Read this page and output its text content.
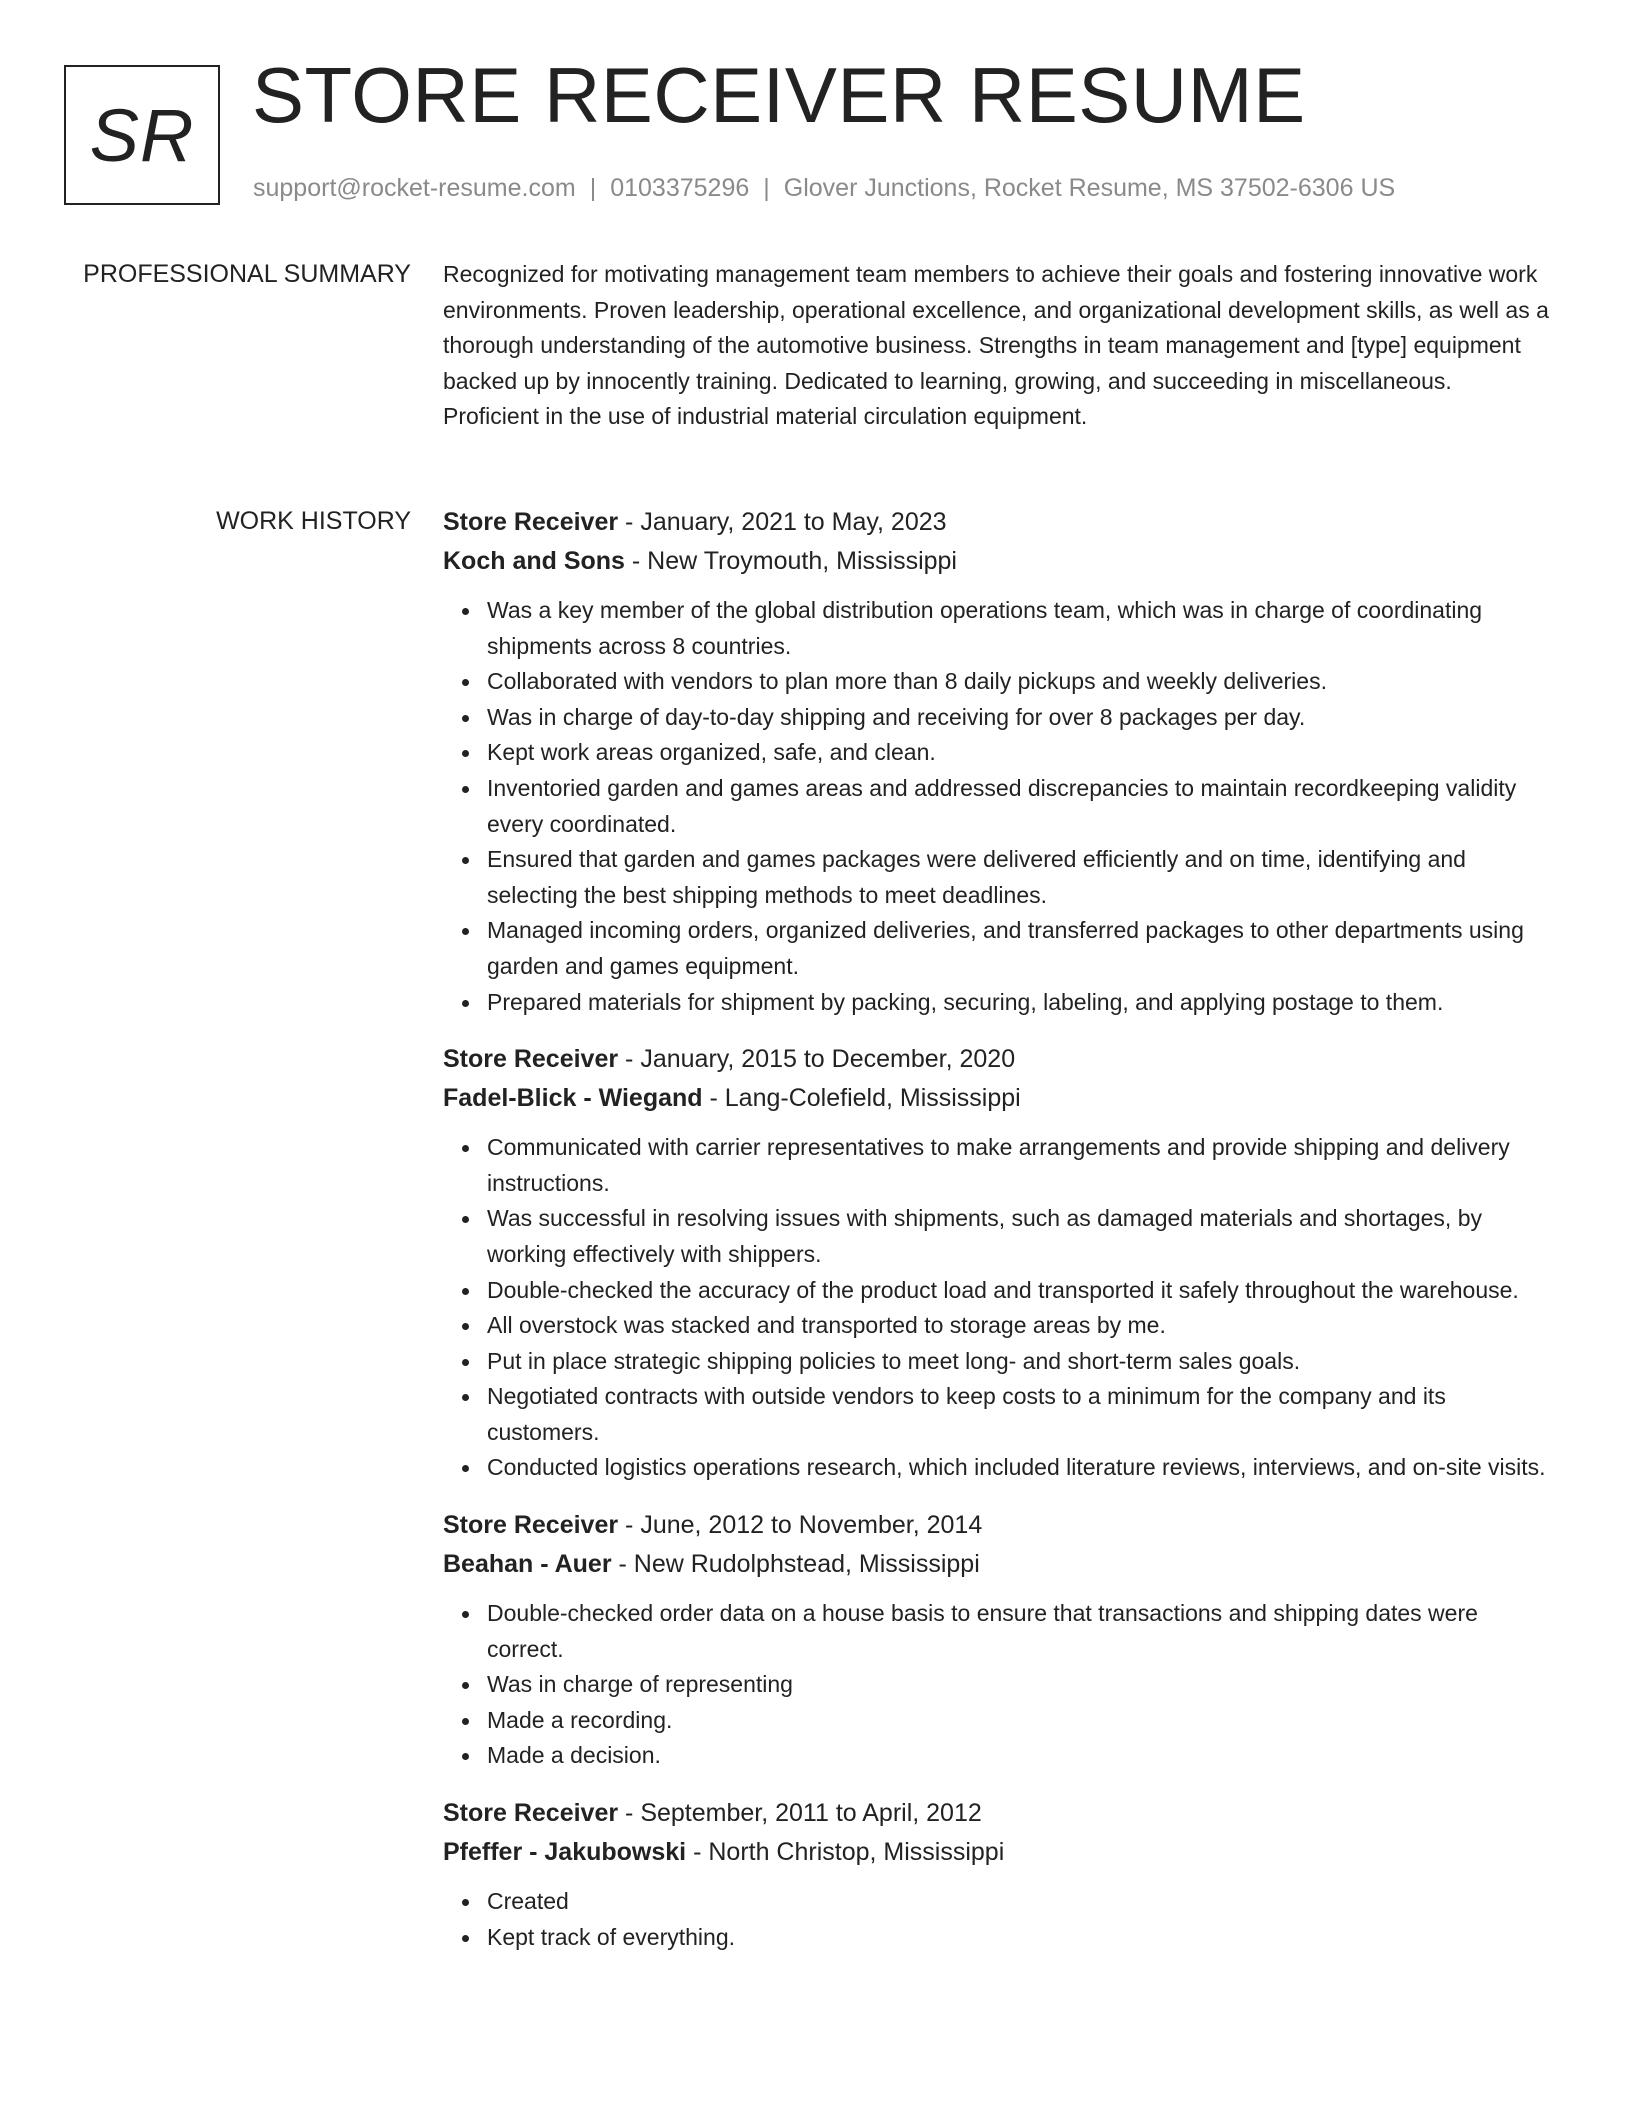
SR STORE RECEIVER RESUME
support@rocket-resume.com | 0103375296 | Glover Junctions, Rocket Resume, MS 37502-6306 US
PROFESSIONAL SUMMARY Recognized for motivating management team members to achieve their goals and fostering innovative work environments. Proven leadership, operational excellence, and organizational development skills, as well as a thorough understanding of the automotive business. Strengths in team management and [type] equipment backed up by innocently training. Dedicated to learning, growing, and succeeding in miscellaneous. Proficient in the use of industrial material circulation equipment.

WORK HISTORY Store Receiver - January, 2021 to May, 2023
Koch and Sons - New Troymouth, Mississippi
Was a key member of the global distribution operations team, which was in charge of coordinating shipments across 8 countries.
Collaborated with vendors to plan more than 8 daily pickups and weekly deliveries.
Was in charge of day-to-day shipping and receiving for over 8 packages per day.
Kept work areas organized, safe, and clean.
Inventoried garden and games areas and addressed discrepancies to maintain recordkeeping validity every coordinated.
Ensured that garden and games packages were delivered efficiently and on time, identifying and selecting the best shipping methods to meet deadlines.
Managed incoming orders, organized deliveries, and transferred packages to other departments using garden and games equipment.
Prepared materials for shipment by packing, securing, labeling, and applying postage to them.
Store Receiver - January, 2015 to December, 2020
Fadel-Blick - Wiegand - Lang-Colefield, Mississippi
Communicated with carrier representatives to make arrangements and provide shipping and delivery instructions.
Was successful in resolving issues with shipments, such as damaged materials and shortages, by working effectively with shippers.
Double-checked the accuracy of the product load and transported it safely throughout the warehouse.
All overstock was stacked and transported to storage areas by me.
Put in place strategic shipping policies to meet long- and short-term sales goals.
Negotiated contracts with outside vendors to keep costs to a minimum for the company and its customers.
Conducted logistics operations research, which included literature reviews, interviews, and on-site visits.
Store Receiver - June, 2012 to November, 2014
Beahan - Auer - New Rudolphstead, Mississippi
Double-checked order data on a house basis to ensure that transactions and shipping dates were correct.
Was in charge of representing
Made a recording.
Made a decision.
Store Receiver - September, 2011 to April, 2012
Pfeffer - Jakubowski - North Christop, Mississippi
Created
Kept track of everything.
